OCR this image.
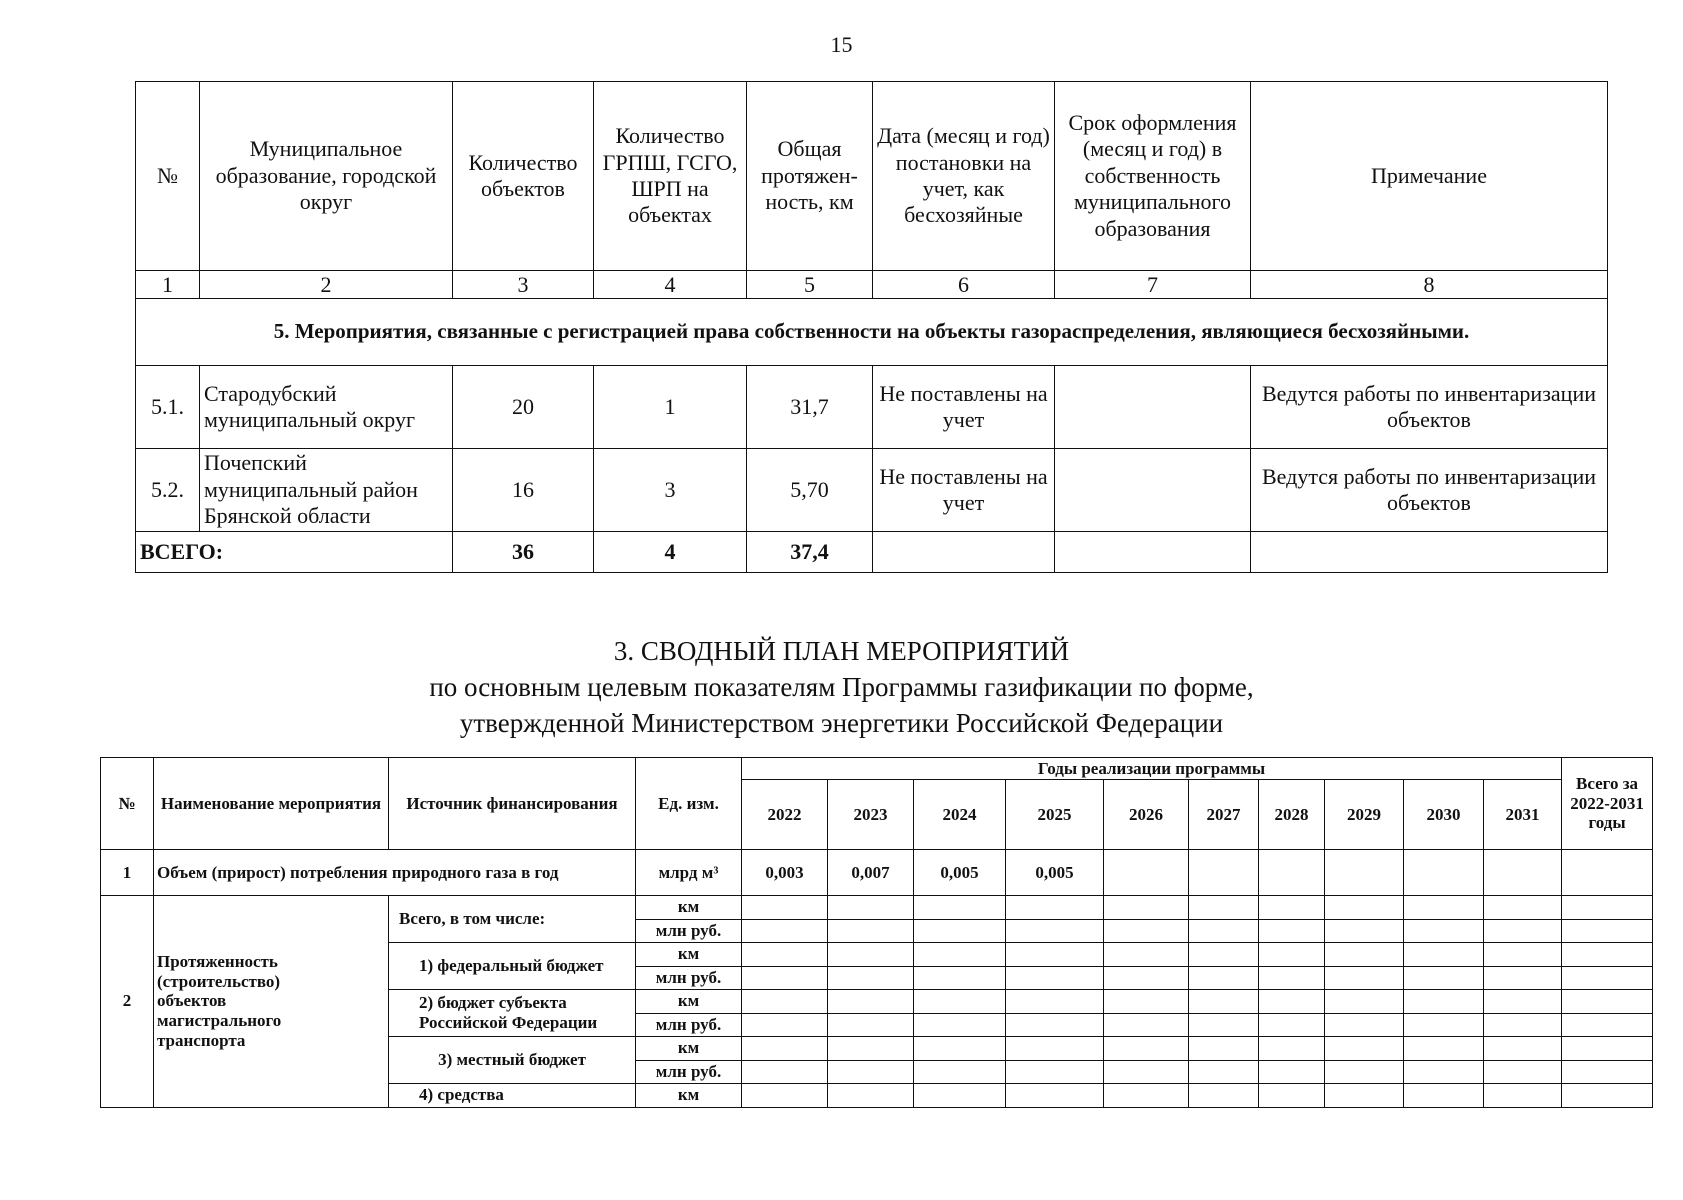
15
№	Муниципальное образование, городской округ	Количество объектов	Количество ГРПШ, ГСГО, ШРП на объектах	Общая протяжен-ность, км	Дата (месяц и год) постановки на учет, как бесхозяйные	Срок оформления (месяц и год) в собственность муниципального образования	Примечание
1	2	3	4	5	6	7	8
5. Мероприятия, связанные с регистрацией права собственности на объекты газораспределения, являющиеся бесхозяйными.							
5.1.	Стародубский муниципальный округ	20	1	31,7	Не поставлены на учет		Ведутся работы по инвентаризации объектов
5.2.	Почепский муниципальный район Брянской области	16	3	5,70	Не поставлены на учет		Ведутся работы по инвентаризации объектов
ВСЕГО:		36	4	37,4			
3. СВОДНЫЙ ПЛАН МЕРОПРИЯТИЙ
по основным целевым показателям Программы газификации по форме,
утвержденной Министерством энергетики Российской Федерации
№	Наименование мероприятия	Источник финансирования	Ед. изм.	Годы реализации программы										Всего за 2022-2031 годы
				2022	2023	2024	2025	2026	2027	2028	2029	2030	2031	
1	Объем (прирост) потребления природного газа в год		млрд м³	0,003	0,007	0,005	0,005							
2	Протяженность (строительство) объектов магистрального транспорта	Всего, в том числе:	км											
			млн руб.											
		1) федеральный бюджет	км											
			млн руб.											
		2) бюджет субъекта Российской Федерации	км											
			млн руб.											
		3) местный бюджет	км											
			млн руб.											
		4) средства	км											
